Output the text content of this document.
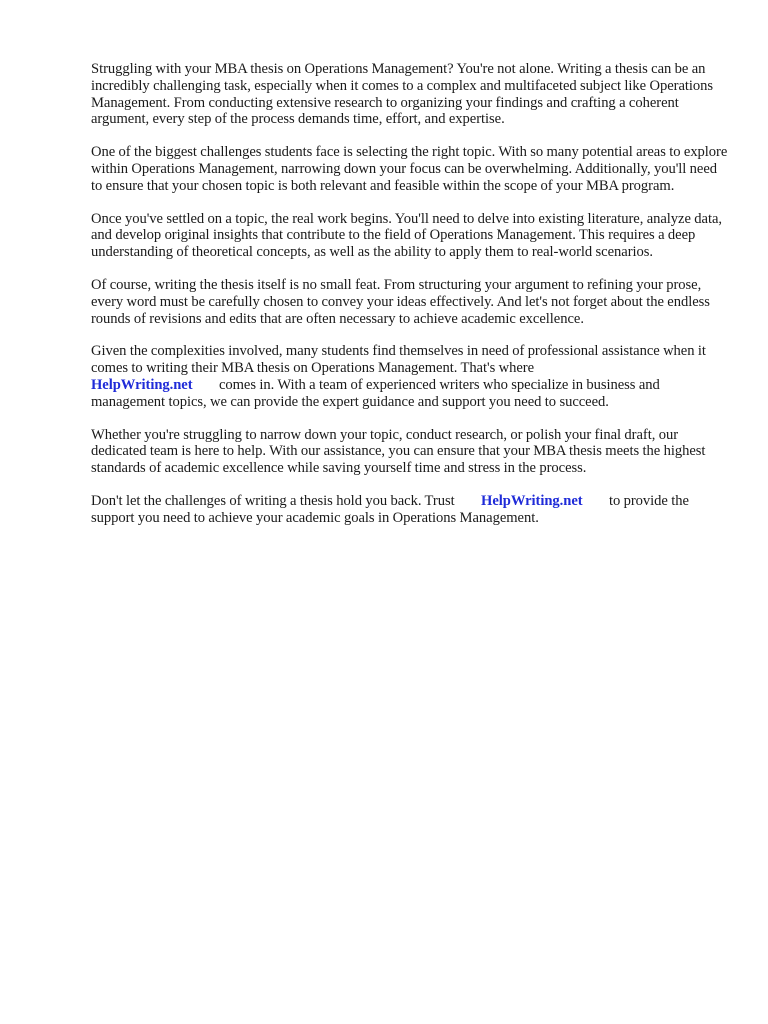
Struggling with your MBA thesis on Operations Management? You're not alone. Writing a thesis can be an incredibly challenging task, especially when it comes to a complex and multifaceted subject like Operations Management. From conducting extensive research to organizing your findings and crafting a coherent argument, every step of the process demands time, effort, and expertise.

One of the biggest challenges students face is selecting the right topic. With so many potential areas to explore within Operations Management, narrowing down your focus can be overwhelming. Additionally, you'll need to ensure that your chosen topic is both relevant and feasible within the scope of your MBA program.

Once you've settled on a topic, the real work begins. You'll need to delve into existing literature, analyze data, and develop original insights that contribute to the field of Operations Management. This requires a deep understanding of theoretical concepts, as well as the ability to apply them to real-world scenarios.

Of course, writing the thesis itself is no small feat. From structuring your argument to refining your prose, every word must be carefully chosen to convey your ideas effectively. And let's not forget about the endless rounds of revisions and edits that are often necessary to achieve academic excellence.

Given the complexities involved, many students find themselves in need of professional assistance when it comes to writing their MBA thesis on Operations Management. That's where
HelpWriting.net comes in. With a team of experienced writers who specialize in business and management topics, we can provide the expert guidance and support you need to succeed.

Whether you're struggling to narrow down your topic, conduct research, or polish your final draft, our dedicated team is here to help. With our assistance, you can ensure that your MBA thesis meets the highest standards of academic excellence while saving yourself time and stress in the process.

Don't let the challenges of writing a thesis hold you back. Trust HelpWriting.net to provide the support you need to achieve your academic goals in Operations Management.
